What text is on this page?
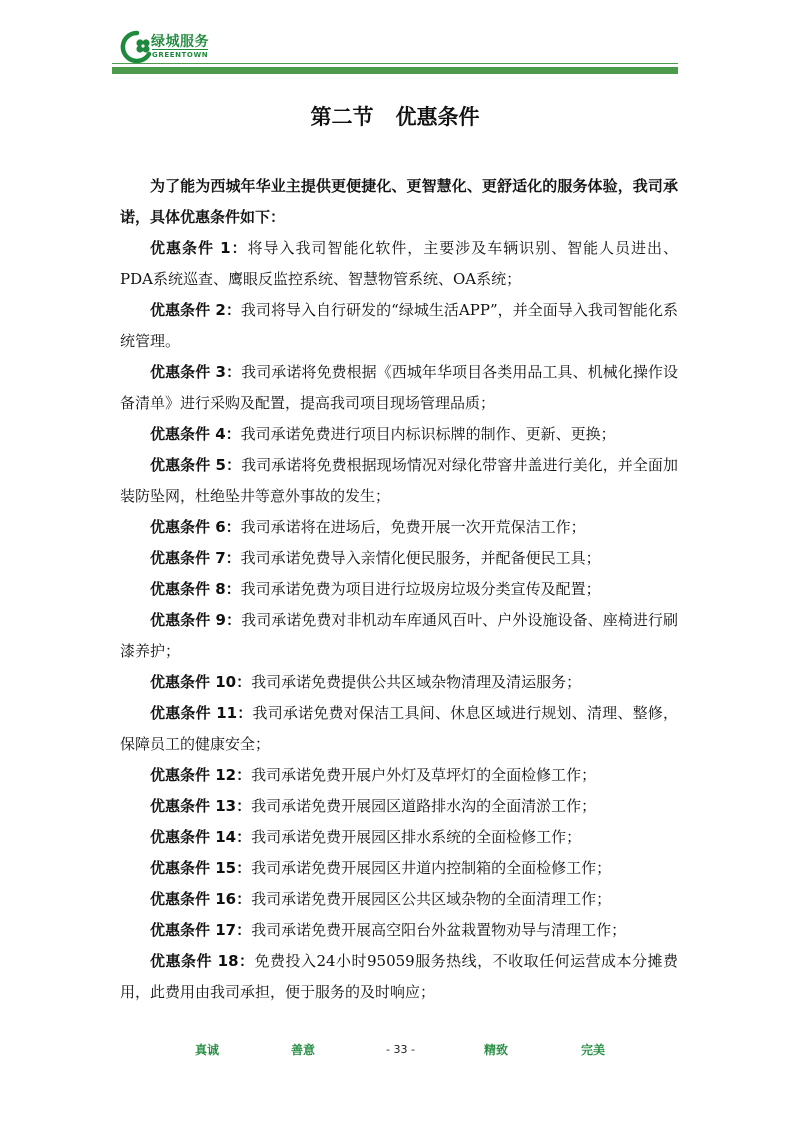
绿城服务
GREENTOWN
第二节   优惠条件

为了能为西城年华业主提供更便捷化、更智慧化、更舒适化的服务体验，我司承诺，具体优惠条件如下：

优惠条件 1：将导入我司智能化软件，主要涉及车辆识别、智能人员进出、PDA系统巡查、鹰眼反监控系统、智慧物管系统、OA系统；

优惠条件 2：我司将导入自行研发的“绿城生活APP”，并全面导入我司智能化系统管理。

优惠条件 3：我司承诺将免费根据《西城年华项目各类用品工具、机械化操作设备清单》进行采购及配置，提高我司项目现场管理品质；

优惠条件 4：我司承诺免费进行项目内标识标牌的制作、更新、更换；

优惠条件 5：我司承诺将免费根据现场情况对绿化带窨井盖进行美化，并全面加装防坠网，杜绝坠井等意外事故的发生；

优惠条件 6：我司承诺将在进场后，免费开展一次开荒保洁工作；

优惠条件 7：我司承诺免费导入亲情化便民服务，并配备便民工具；

优惠条件 8：我司承诺免费为项目进行垃圾房垃圾分类宣传及配置；

优惠条件 9：我司承诺免费对非机动车库通风百叶、户外设施设备、座椅进行刷漆养护；

优惠条件 10：我司承诺免费提供公共区域杂物清理及清运服务；

优惠条件 11：我司承诺免费对保洁工具间、休息区域进行规划、清理、整修，保障员工的健康安全；

优惠条件 12：我司承诺免费开展户外灯及草坪灯的全面检修工作；

优惠条件 13：我司承诺免费开展园区道路排水沟的全面清淤工作；

优惠条件 14：我司承诺免费开展园区排水系统的全面检修工作；

优惠条件 15：我司承诺免费开展园区井道内控制箱的全面检修工作；

优惠条件 16：我司承诺免费开展园区公共区域杂物的全面清理工作；

优惠条件 17：我司承诺免费开展高空阳台外盆栽置物劝导与清理工作；

优惠条件 18：免费投入24小时95059服务热线，不收取任何运营成本分摊费用，此费用由我司承担，便于服务的及时响应；

真诚	善意	- 33 -	精致	完美
